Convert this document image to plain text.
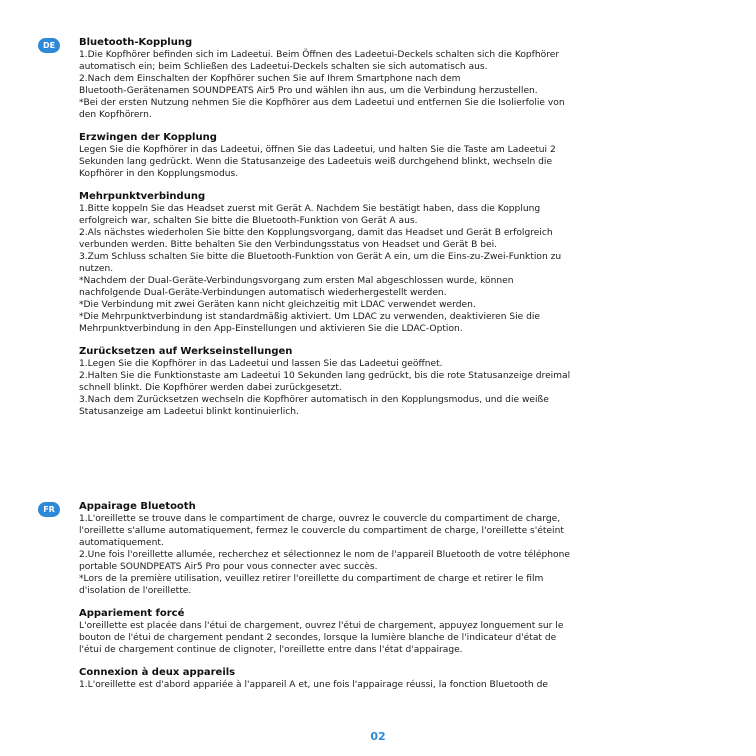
DE	Bluetooth-Kopplung

1.Die Kopfhörer befinden sich im Ladeetui. Beim Öffnen des Ladeetui-Deckels schalten sich die Kopfhörer

automatisch ein; beim Schließen des Ladeetui-Deckels schalten sie sich automatisch aus.

2.Nach dem Einschalten der Kopfhörer suchen Sie auf Ihrem Smartphone nach dem

Bluetooth-Gerätenamen SOUNDPEATS Air5 Pro und wählen ihn aus, um die Verbindung herzustellen.

*Bei der ersten Nutzung nehmen Sie die Kopfhörer aus dem Ladeetui und entfernen Sie die Isolierfolie von

den Kopfhörern.

Erzwingen der Kopplung

Legen Sie die Kopfhörer in das Ladeetui, öffnen Sie das Ladeetui, und halten Sie die Taste am Ladeetui 2

Sekunden lang gedrückt. Wenn die Statusanzeige des Ladeetuis weiß durchgehend blinkt, wechseln die

Kopfhörer in den Kopplungsmodus.

Mehrpunktverbindung

1.Bitte koppeln Sie das Headset zuerst mit Gerät A. Nachdem Sie bestätigt haben, dass die Kopplung

erfolgreich war, schalten Sie bitte die Bluetooth-Funktion von Gerät A aus.

2.Als nächstes wiederholen Sie bitte den Kopplungsvorgang, damit das Headset und Gerät B erfolgreich

verbunden werden. Bitte behalten Sie den Verbindungsstatus von Headset und Gerät B bei.

3.Zum Schluss schalten Sie bitte die Bluetooth-Funktion von Gerät A ein, um die Eins-zu-Zwei-Funktion zu

nutzen.

*Nachdem der Dual-Geräte-Verbindungsvorgang zum ersten Mal abgeschlossen wurde, können

nachfolgende Dual-Geräte-Verbindungen automatisch wiederhergestellt werden.

*Die Verbindung mit zwei Geräten kann nicht gleichzeitig mit LDAC verwendet werden.

*Die Mehrpunktverbindung ist standardmäßig aktiviert. Um LDAC zu verwenden, deaktivieren Sie die

Mehrpunktverbindung in den App-Einstellungen und aktivieren Sie die LDAC-Option.

Zurücksetzen auf Werkseinstellungen

1.Legen Sie die Kopfhörer in das Ladeetui und lassen Sie das Ladeetui geöffnet.

2.Halten Sie die Funktionstaste am Ladeetui 10 Sekunden lang gedrückt, bis die rote Statusanzeige dreimal

schnell blinkt. Die Kopfhörer werden dabei zurückgesetzt.

3.Nach dem Zurücksetzen wechseln die Kopfhörer automatisch in den Kopplungsmodus, und die weiße

Statusanzeige am Ladeetui blinkt kontinuierlich.

FR	Appairage Bluetooth

1.L'oreillette se trouve dans le compartiment de charge, ouvrez le couvercle du compartiment de charge,

l'oreillette s'allume automatiquement, fermez le couvercle du compartiment de charge, l'oreillette s'éteint

automatiquement.

2.Une fois l'oreillette allumée, recherchez et sélectionnez le nom de l'appareil Bluetooth de votre téléphone

portable SOUNDPEATS Air5 Pro pour vous connecter avec succès.

*Lors de la première utilisation, veuillez retirer l'oreillette du compartiment de charge et retirer le film

d'isolation de l'oreillette.

Appariement forcé

L'oreillette est placée dans l'étui de chargement, ouvrez l'étui de chargement, appuyez longuement sur le

bouton de l'étui de chargement pendant 2 secondes, lorsque la lumière blanche de l'indicateur d'état de

l'étui de chargement continue de clignoter, l'oreillette entre dans l'état d'appairage.

Connexion à deux appareils

1.L'oreillette est d'abord appariée à l'appareil A et, une fois l'appairage réussi, la fonction Bluetooth de

02
